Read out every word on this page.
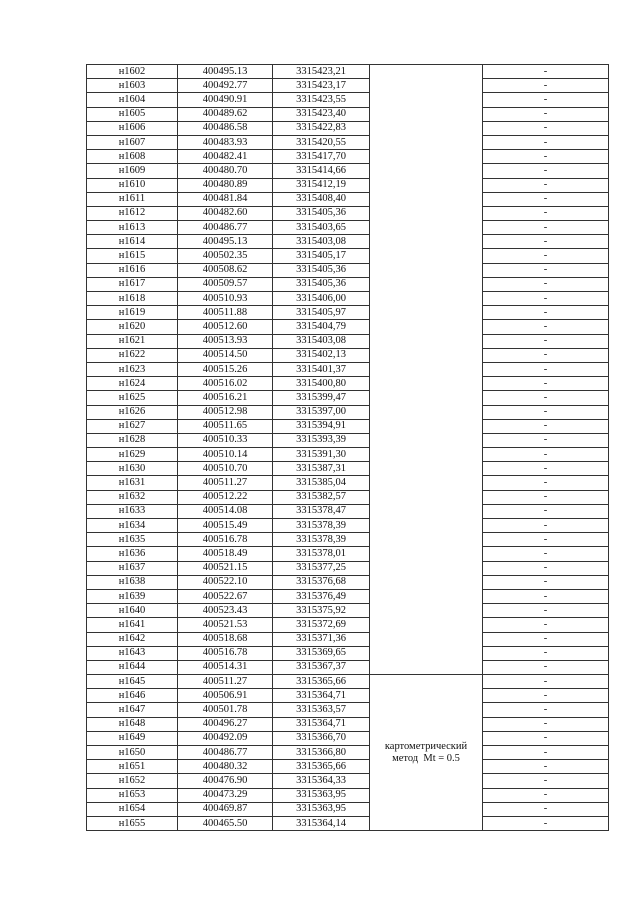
н1602	400495.13	3315423,21		-
н1603	400492.77	3315423,17		-
н1604	400490.91	3315423,55		-
н1605	400489.62	3315423,40		-
н1606	400486.58	3315422,83		-
н1607	400483.93	3315420,55		-
н1608	400482.41	3315417,70		-
н1609	400480.70	3315414,66		-
н1610	400480.89	3315412,19		-
н1611	400481.84	3315408,40		-
н1612	400482.60	3315405,36		-
н1613	400486.77	3315403,65		-
н1614	400495.13	3315403,08		-
н1615	400502.35	3315405,17		-
н1616	400508.62	3315405,36		-
н1617	400509.57	3315405,36		-
н1618	400510.93	3315406,00		-
н1619	400511.88	3315405,97		-
н1620	400512.60	3315404,79		-
н1621	400513.93	3315403,08		-
н1622	400514.50	3315402,13		-
н1623	400515.26	3315401,37		-
н1624	400516.02	3315400,80		-
н1625	400516.21	3315399,47		-
н1626	400512.98	3315397,00		-
н1627	400511.65	3315394,91		-
н1628	400510.33	3315393,39		-
н1629	400510.14	3315391,30		-
н1630	400510.70	3315387,31		-
н1631	400511.27	3315385,04		-
н1632	400512.22	3315382,57		-
н1633	400514.08	3315378,47		-
н1634	400515.49	3315378,39		-
н1635	400516.78	3315378,39		-
н1636	400518.49	3315378,01		-
н1637	400521.15	3315377,25		-
н1638	400522.10	3315376,68		-
н1639	400522.67	3315376,49		-
н1640	400523.43	3315375,92		-
н1641	400521.53	3315372,69		-
н1642	400518.68	3315371,36		-
н1643	400516.78	3315369,65		-
н1644	400514.31	3315367,37		-
н1645	400511.27	3315365,66	картометрический
метод  Mt = 0.5	-
н1646	400506.91	3315364,71		-
н1647	400501.78	3315363,57		-
н1648	400496.27	3315364,71		-
н1649	400492.09	3315366,70		-
н1650	400486.77	3315366,80		-
н1651	400480.32	3315365,66		-
н1652	400476.90	3315364,33		-
н1653	400473.29	3315363,95		-
н1654	400469.87	3315363,95		-
н1655	400465.50	3315364,14		-
